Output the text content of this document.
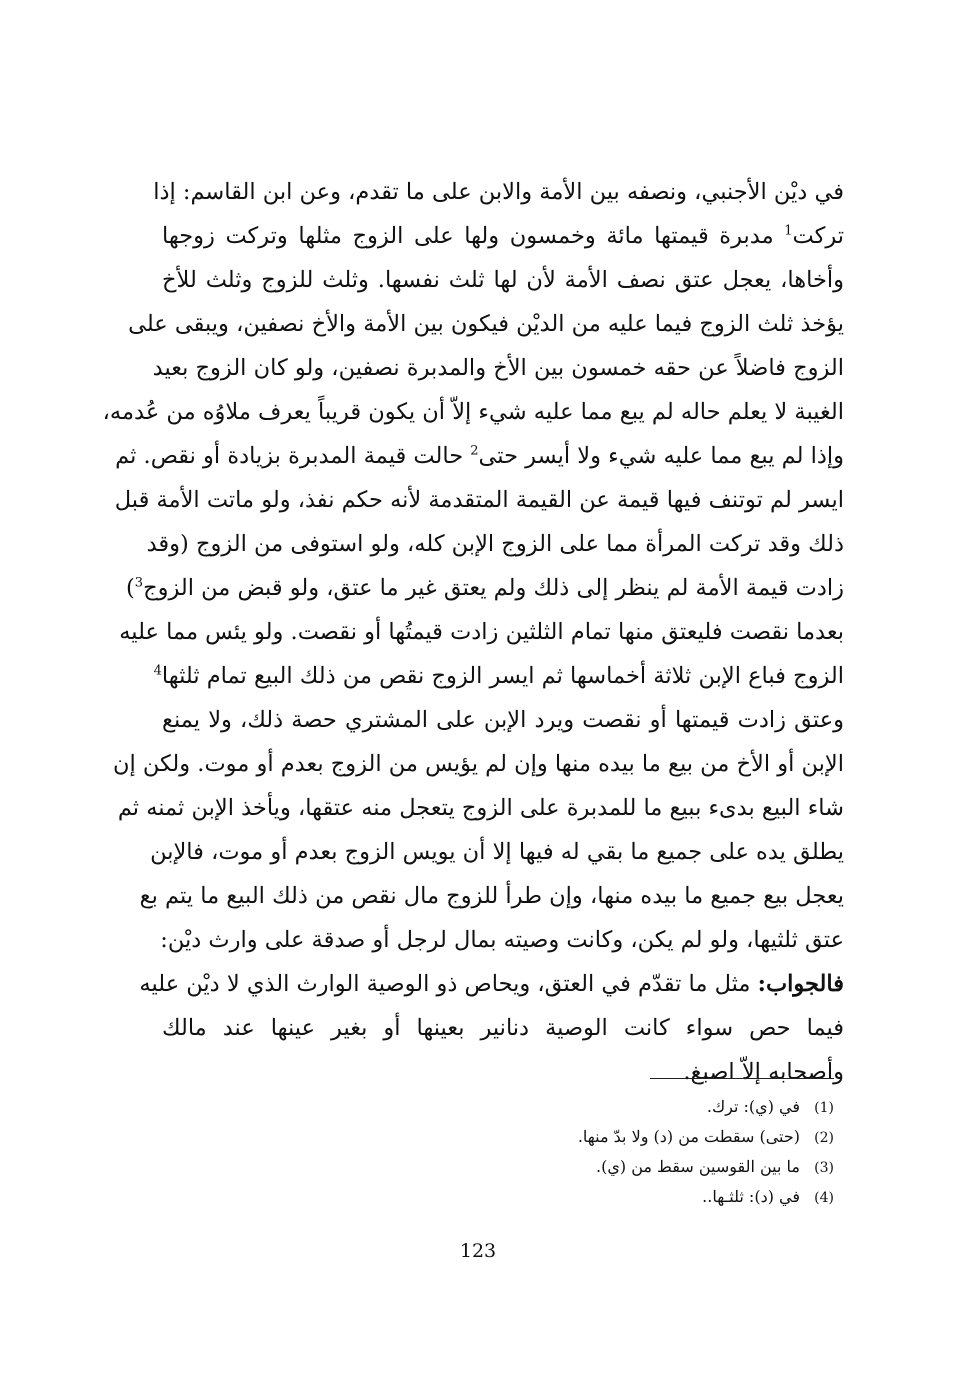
في ديْن الأجنبي، ونصفه بين الأمة والابن على ما تقدم، وعن ابن القاسم: إذا
تركت$^1$ مدبرة قيمتها مائة وخمسون ولها على الزوج مثلها وتركت زوجها
وأخاها، يعجل عتق نصف الأمة لأن لها ثلث نفسها. وثلث للزوج وثلث للأخ
يؤخذ ثلث الزوج فيما عليه من الديْن فيكون بين الأمة والأخ نصفين، ويبقى على
الزوج فاضلاً عن حقه خمسون بين الأخ والمدبرة نصفين، ولو كان الزوج بعيد
الغيبة لا يعلم حاله لم يبع مما عليه شيء إلاّ أن يكون قريباً يعرف ملاوُه من عُدمه،
وإذا لم يبع مما عليه شيء ولا أيسر حتى$^2$ حالت قيمة المدبرة بزيادة أو نقص. ثم
ايسر لم توتنف فيها قيمة عن القيمة المتقدمة لأنه حكم نفذ، ولو ماتت الأمة قبل
ذلك وقد تركت المرأة مما على الزوج الإبن كله، ولو استوفى من الزوج (وقد
زادت قيمة الأمة لم ينظر إلى ذلك ولم يعتق غير ما عتق، ولو قبض من الزوج$^3$)
بعدما نقصت فليعتق منها تمام الثلثين زادت قيمتُها أو نقصت. ولو يئس مما عليه
الزوج فباع الإبن ثلاثة أخماسها ثم ايسر الزوج نقص من ذلك البيع تمام ثلثها$^4$
وعتق زادت قيمتها أو نقصت ويرد الإبن على المشتري حصة ذلك، ولا يمنع
الإبن أو الأخ من بيع ما بيده منها وإن لم يؤيس من الزوج بعدم أو موت. ولكن إن
شاء البيع بدىء ببيع ما للمدبرة على الزوج يتعجل منه عتقها، ويأخذ الإبن ثمنه ثم
يطلق يده على جميع ما بقي له فيها إلا أن يويس الزوج بعدم أو موت، فالإبن
يعجل بيع جميع ما بيده منها، وإن طرأ للزوج مال نقص من ذلك البيع ما يتم بع
عتق ثلثيها، ولو لم يكن، وكانت وصيته بمال لرجل أو صدقة على وارث ديْن:
فالجواب: مثل ما تقدّم في العتق، ويحاص ذو الوصية الوارث الذي لا ديْن عليه
فيما حص سواء كانت الوصية دنانير بعينها أو بغير عينها عند مالك
وأصحابه إلاّ اصبغ.
(1)في (ي): ترك.
(2)(حتى) سقطت من (د) ولا بدّ منها.
(3)ما بين القوسين سقط من (ي).
(4)في (د): ثلثـها..
123
